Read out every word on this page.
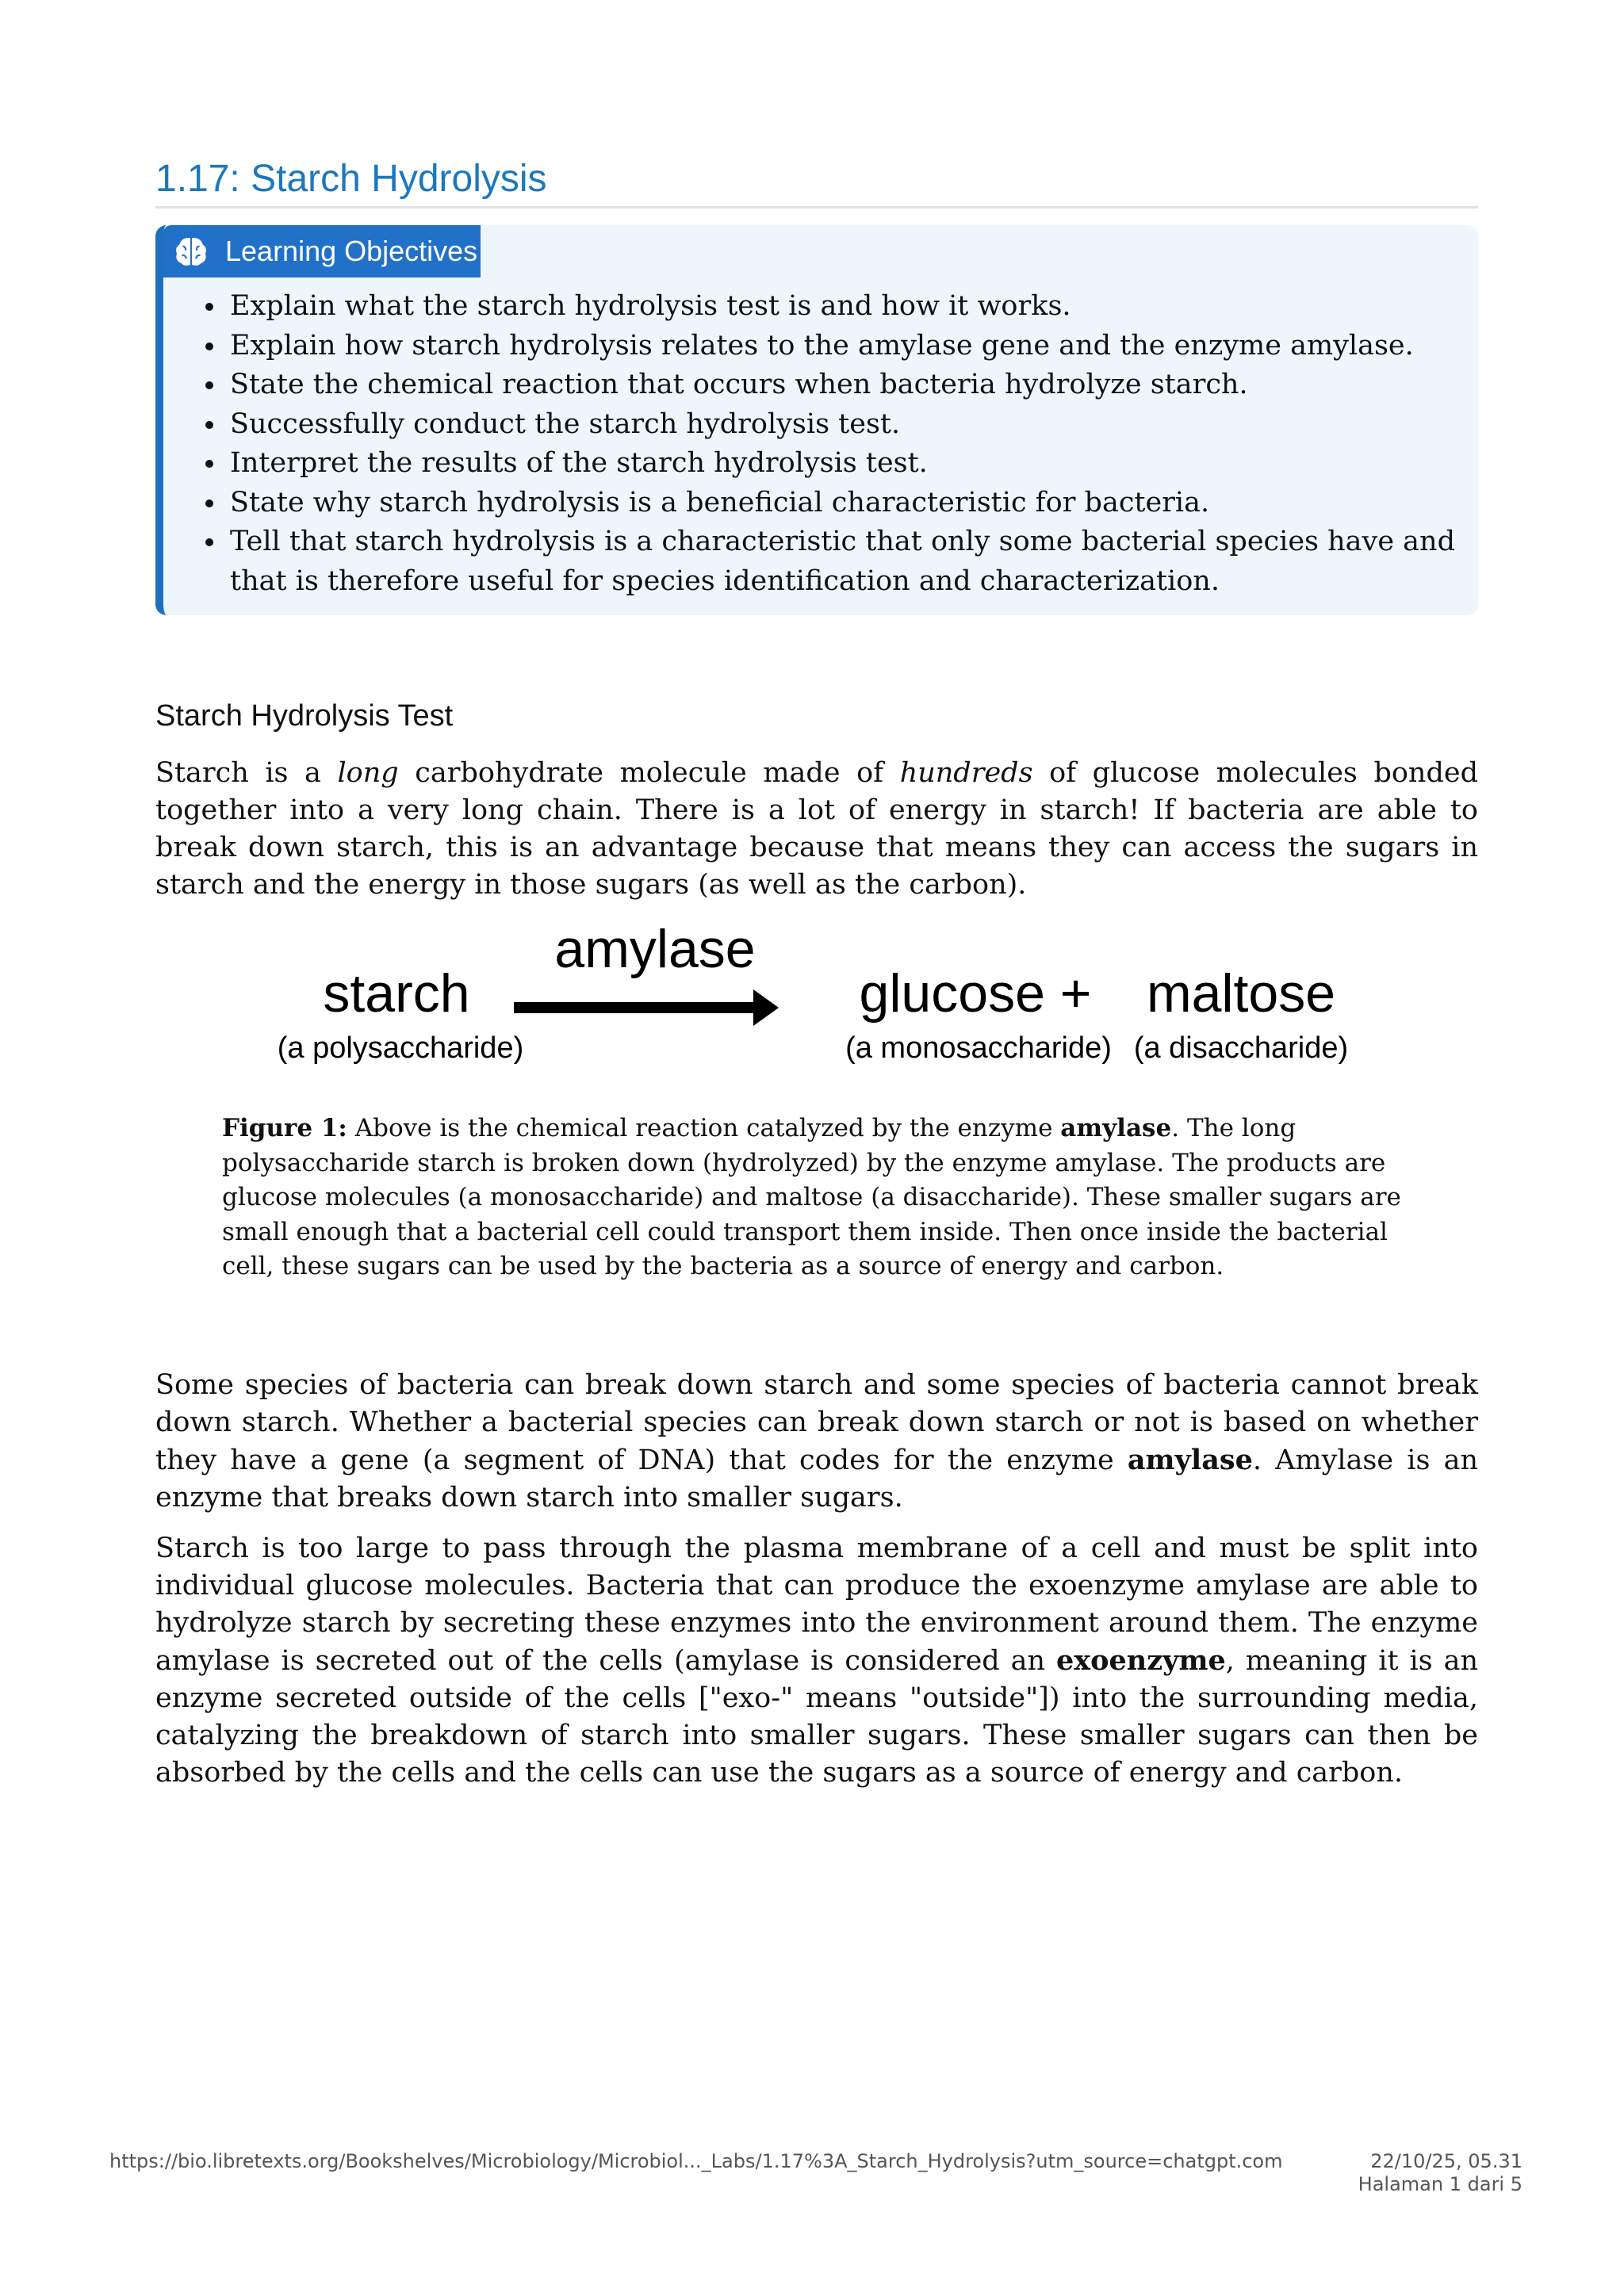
1.17: Starch Hydrolysis
Learning Objectives
• Explain what the starch hydrolysis test is and how it works.
• Explain how starch hydrolysis relates to the amylase gene and the enzyme amylase.
• State the chemical reaction that occurs when bacteria hydrolyze starch.
• Successfully conduct the starch hydrolysis test.
• Interpret the results of the starch hydrolysis test.
• State why starch hydrolysis is a beneficial characteristic for bacteria.
• Tell that starch hydrolysis is a characteristic that only some bacterial species have and that is therefore useful for species identification and characterization.
Starch Hydrolysis Test

Starch is a long carbohydrate molecule made of hundreds of glucose molecules bonded together into a very long chain. There is a lot of energy in starch! If bacteria are able to break down starch, this is an advantage because that means they can access the sugars in starch and the energy in those sugars (as well as the carbon).

amylase
starch	glucose + maltose
(a polysaccharide)	(a monosaccharide) (a disaccharide)

Figure 1: Above is the chemical reaction catalyzed by the enzyme amylase. The long polysaccharide starch is broken down (hydrolyzed) by the enzyme amylase. The products are glucose molecules (a monosaccharide) and maltose (a disaccharide). These smaller sugars are small enough that a bacterial cell could transport them inside. Then once inside the bacterial cell, these sugars can be used by the bacteria as a source of energy and carbon.

Some species of bacteria can break down starch and some species of bacteria cannot break down starch. Whether a bacterial species can break down starch or not is based on whether they have a gene (a segment of DNA) that codes for the enzyme amylase. Amylase is an enzyme that breaks down starch into smaller sugars.

Starch is too large to pass through the plasma membrane of a cell and must be split into individual glucose molecules. Bacteria that can produce the exoenzyme amylase are able to hydrolyze starch by secreting these enzymes into the environment around them. The enzyme amylase is secreted out of the cells (amylase is considered an exoenzyme, meaning it is an enzyme secreted outside of the cells ["exo-" means "outside"]) into the surrounding media, catalyzing the breakdown of starch into smaller sugars. These smaller sugars can then be absorbed by the cells and the cells can use the sugars as a source of energy and carbon.

https://bio.libretexts.org/Bookshelves/Microbiology/Microbiol..._Labs/1.17%3A_Starch_Hydrolysis?utm_source=chatgpt.com	22/10/25, 05.31
Halaman 1 dari 5
